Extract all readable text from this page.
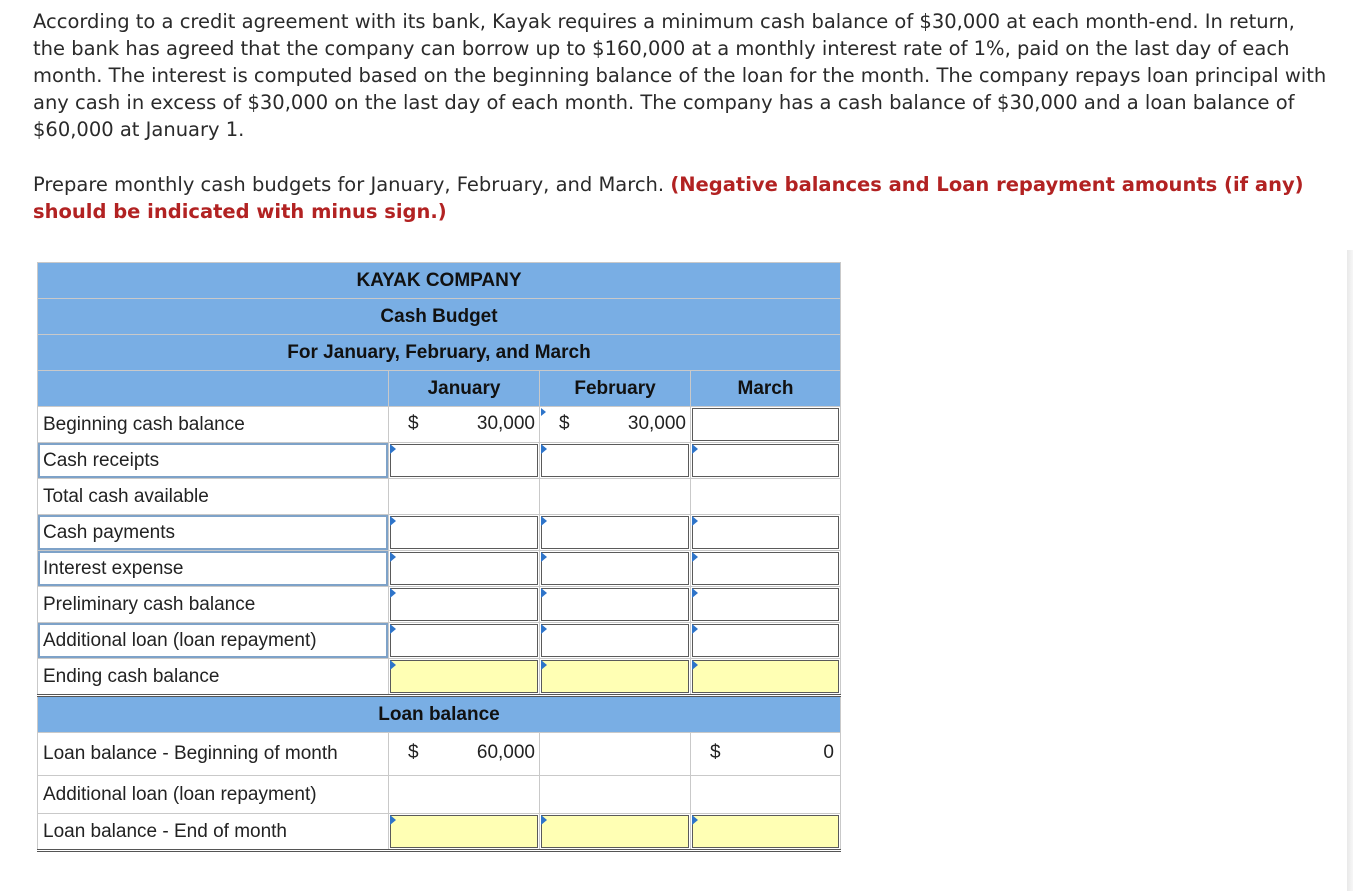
According to a credit agreement with its bank, Kayak requires a minimum cash balance of $30,000 at each month-end. In return, the bank has agreed that the company can borrow up to $160,000 at a monthly interest rate of 1%, paid on the last day of each month. The interest is computed based on the beginning balance of the loan for the month. The company repays loan principal with any cash in excess of $30,000 on the last day of each month. The company has a cash balance of $30,000 and a loan balance of $60,000 at January 1.

Prepare monthly cash budgets for January, February, and March. (Negative balances and Loan repayment amounts (if any) should be indicated with minus sign.)

KAYAK COMPANY			
Cash Budget			
For January, February, and March			
	January	February	March
Beginning cash balance	$ 30,000	$ 30,000	

Cash receipts	

Total cash available			
Cash payments	

Interest expense	

Preliminary cash balance	

Additional loan (loan repayment)	

Ending cash balance	

Loan balance			
Loan balance - Beginning of month	$ 60,000		$ 0

Additional loan (loan repayment)			
Loan balance - End of month	
